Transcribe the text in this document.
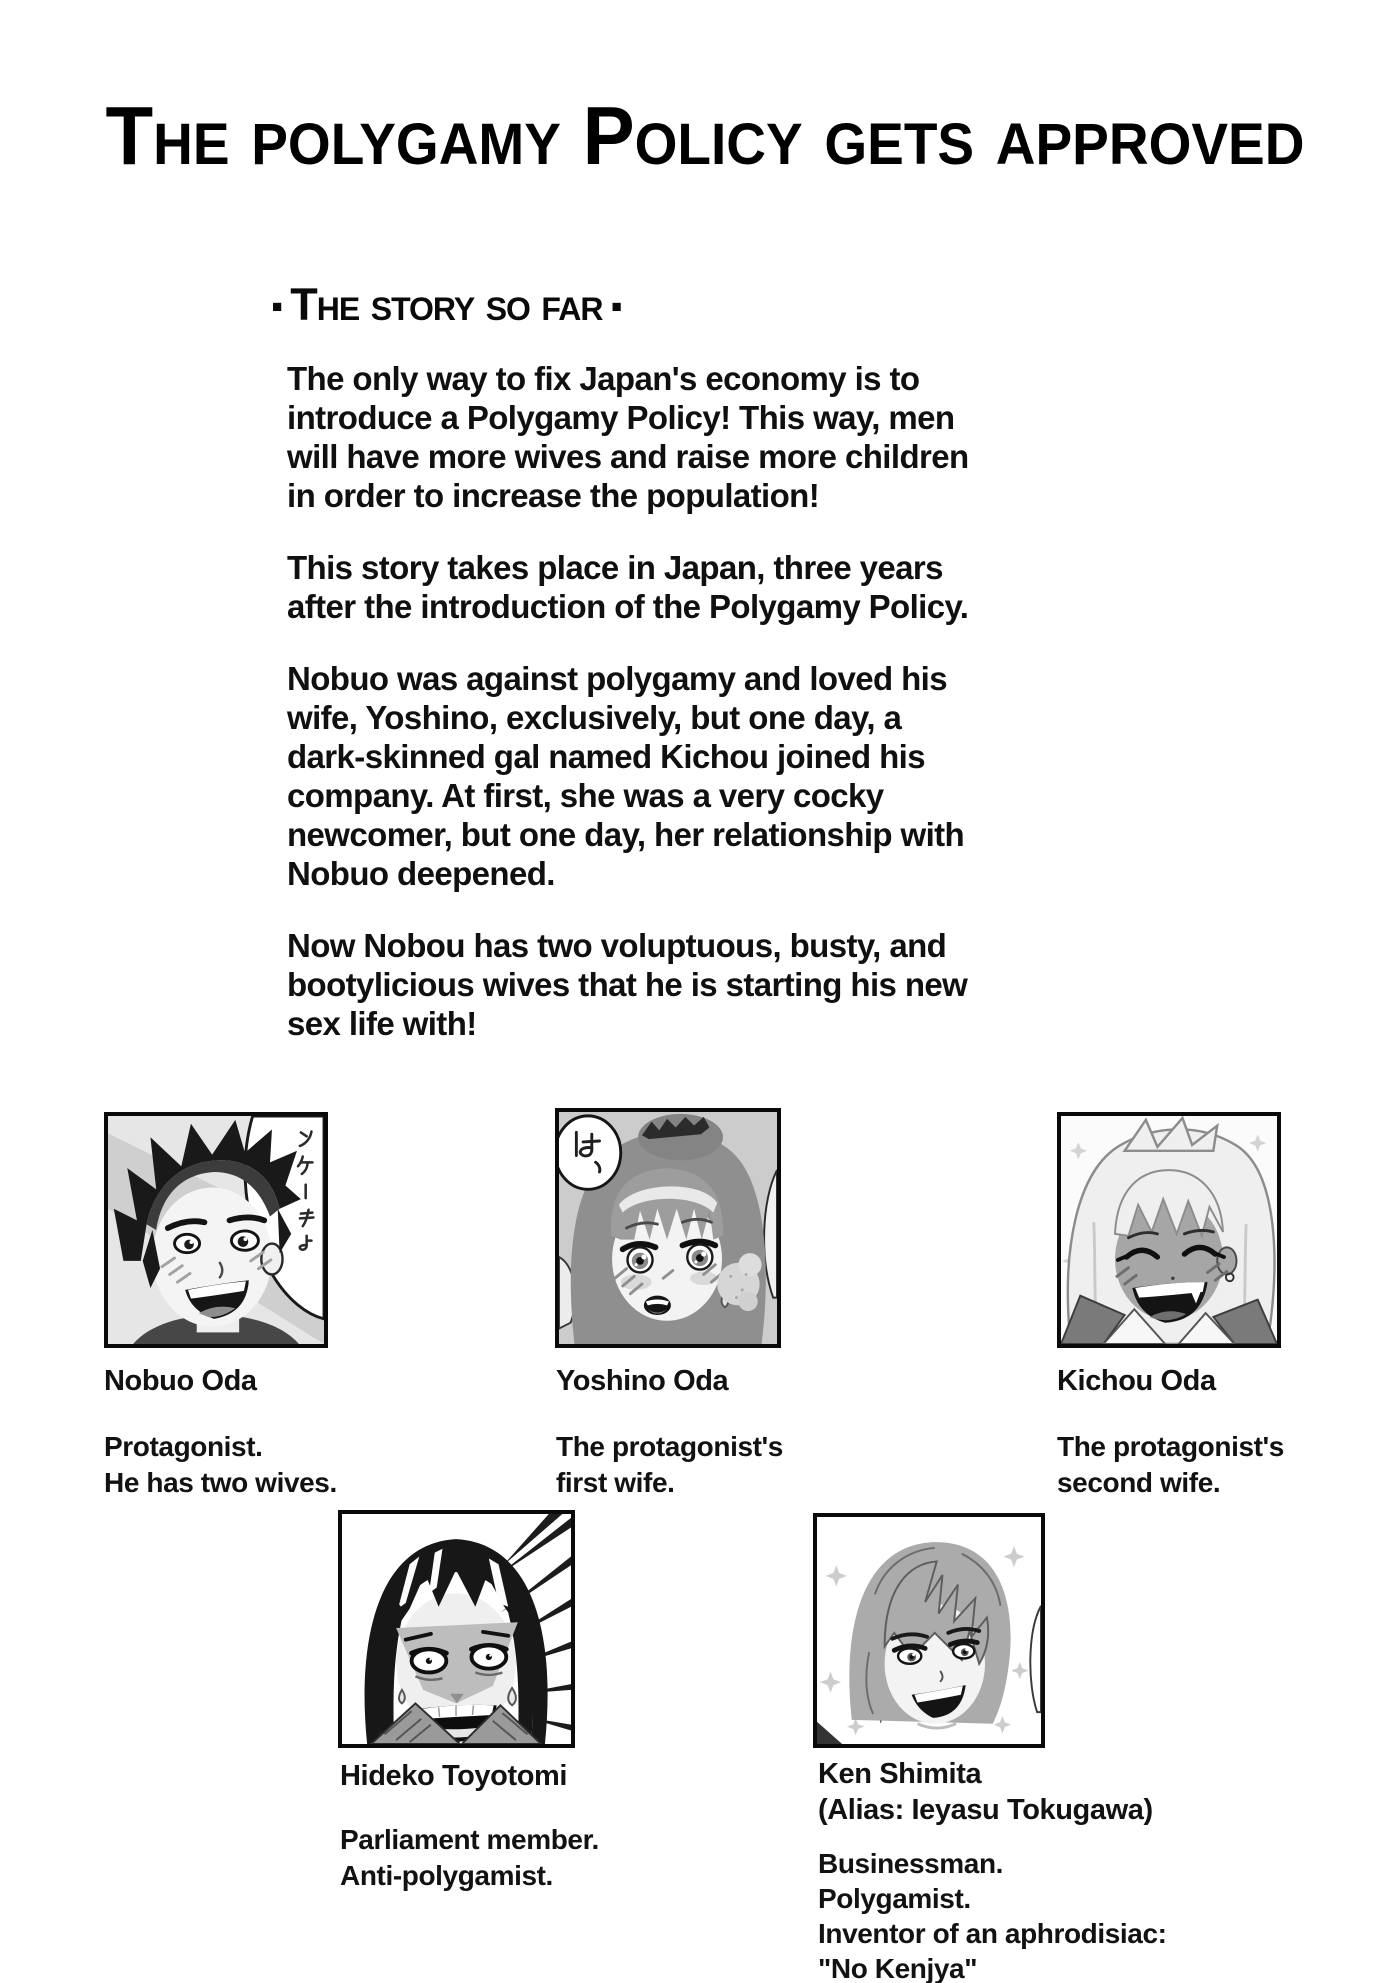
The polygamy Policy gets approved
■ The story so far ■
The only way to fix Japan's economy is to
introduce a Polygamy Policy! This way, men
will have more wives and raise more children
in order to increase the population!
This story takes place in Japan, three years
after the introduction of the Polygamy Policy.
Nobuo was against polygamy and loved his
wife, Yoshino, exclusively, but one day, a
dark-skinned gal named Kichou joined his
company. At first, she was a very cocky
newcomer, but one day, her relationship with
Nobuo deepened.
Now Nobou has two voluptuous, busty, and
bootylicious wives that he is starting his new
sex life with!
Nobuo Oda
Protagonist.
He has two wives.
Yoshino Oda
The protagonist's
first wife.
Kichou Oda
The protagonist's
second wife.
Hideko Toyotomi
Parliament member.
Anti-polygamist.
Ken Shimita
(Alias: Ieyasu Tokugawa)
Businessman.
Polygamist.
Inventor of an aphrodisiac:
"No Kenjya"
